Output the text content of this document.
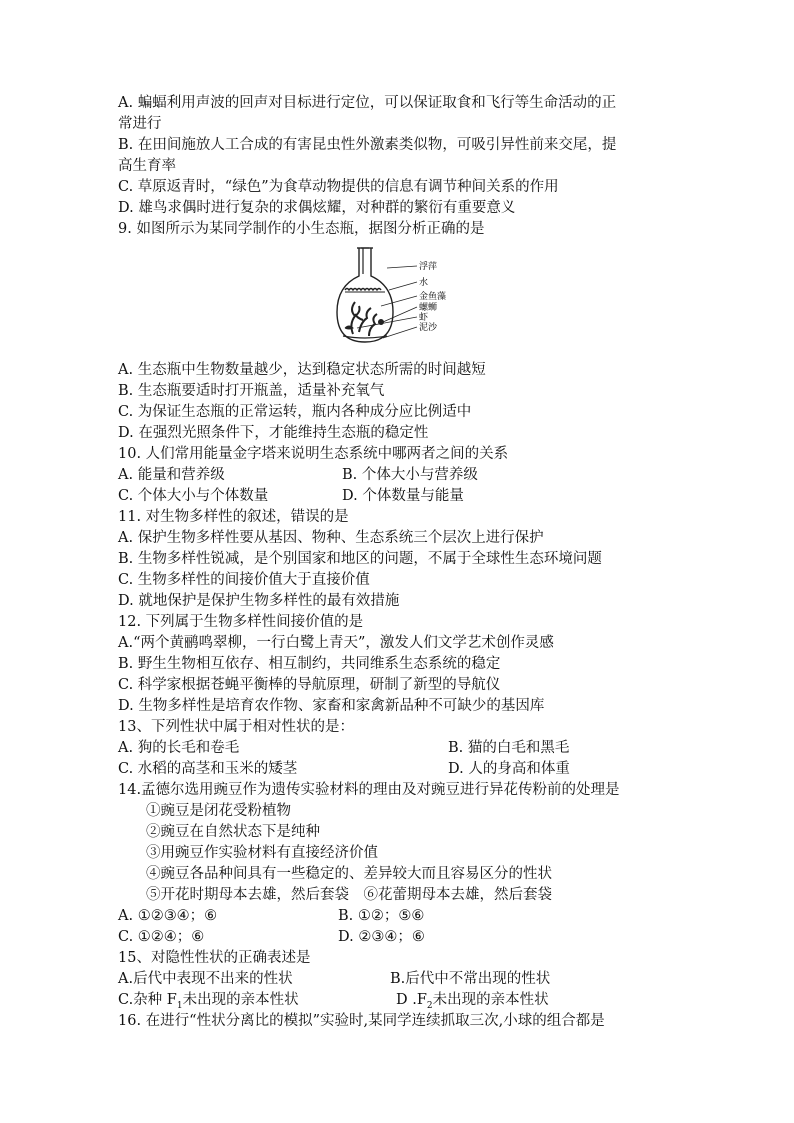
A. 蝙蝠利用声波的回声对目标进行定位，可以保证取食和飞行等生命活动的正
常进行
B. 在田间施放人工合成的有害昆虫性外激素类似物，可吸引异性前来交尾，提
高生育率
C. 草原返青时，“绿色”为食草动物提供的信息有调节种间关系的作用
D. 雄鸟求偶时进行复杂的求偶炫耀，对种群的繁衍有重要意义
9. 如图所示为某同学制作的小生态瓶，据图分析正确的是
浮萍
水
金鱼藻
螺蛳
虾
泥沙
A. 生态瓶中生物数量越少，达到稳定状态所需的时间越短
B. 生态瓶要适时打开瓶盖，适量补充氧气
C. 为保证生态瓶的正常运转，瓶内各种成分应比例适中
D. 在强烈光照条件下，才能维持生态瓶的稳定性
10. 人们常用能量金字塔来说明生态系统中哪两者之间的关系
A. 能量和营养级	B. 个体大小与营养级
C. 个体大小与个体数量	D. 个体数量与能量
11. 对生物多样性的叙述，错误的是
A. 保护生物多样性要从基因、物种、生态系统三个层次上进行保护
B. 生物多样性锐减，是个别国家和地区的问题，不属于全球性生态环境问题
C. 生物多样性的间接价值大于直接价值
D. 就地保护是保护生物多样性的最有效措施
12. 下列属于生物多样性间接价值的是
A.“两个黄鹂鸣翠柳，一行白鹭上青天”，激发人们文学艺术创作灵感
B. 野生生物相互依存、相互制约，共同维系生态系统的稳定
C. 科学家根据苍蝇平衡棒的导航原理，研制了新型的导航仪
D. 生物多样性是培育农作物、家畜和家禽新品种不可缺少的基因库
13、下列性状中属于相对性状的是：
A. 狗的长毛和卷毛	B. 猫的白毛和黑毛
C. 水稻的高茎和玉米的矮茎	D. 人的身高和体重
14.孟德尔选用豌豆作为遗传实验材料的理由及对豌豆进行异花传粉前的处理是
①豌豆是闭花受粉植物
②豌豆在自然状态下是纯种
③用豌豆作实验材料有直接经济价值
④豌豆各品种间具有一些稳定的、差异较大而且容易区分的性状
⑤开花时期母本去雄，然后套袋　⑥花蕾期母本去雄，然后套袋
A. ①②③④；⑥	B. ①②；⑤⑥
C. ①②④；⑥	D. ②③④；⑥
15、对隐性性状的正确表述是
A.后代中表现不出来的性状	B.后代中不常出现的性状
C.杂种 $F_1$未出现的亲本性状	D $.F_2$未出现的亲本性状
16. 在进行“性状分离比的模拟”实验时,某同学连续抓取三次,小球的组合都是
